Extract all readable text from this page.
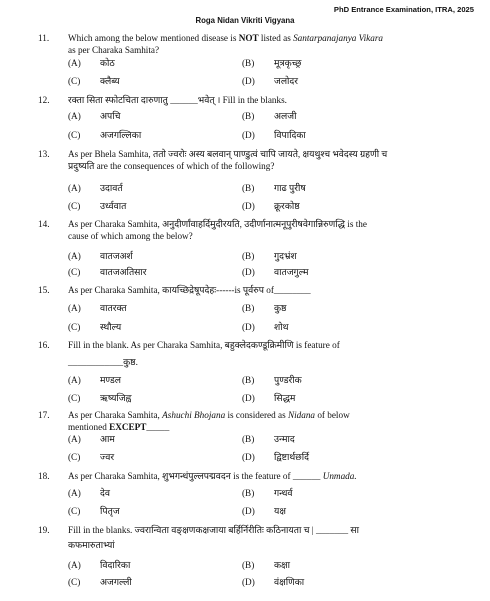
PhD Entrance Examination, ITRA, 2025
Roga Nidan Vikriti Vigyana
11. Which among the below mentioned disease is NOT listed as Santarpanajanya Vikara
as per Charaka Samhita?
(A) कोठ	(B) मूत्रकृच्छ्र
(C) क्लैब्य	(D) जलोदर
12. रक्ता सिता स्फोटचिता दारुणातु ______भवेत् । Fill in the blanks.
(A) अपचि	(B) अलजी
(C) अजगल्लिका	(D) विपादिका
13. As per Bhela Samhita, ततो ज्वरोः अस्य बलवान् पाण्डुत्वं चापि जायते, क्षयथुश्च भवेदस्य ग्रहणी च
प्रदुष्यति are the consequences of which of the following?
(A) उदावर्त	(B) गाढ पुरीष
(C) उर्ध्ववात	(D) क्रूरकोष्ठ
14. As per Charaka Samhita, अनुदीर्णांवाहर्दिमुदीरयति, उदीर्णानात्मनूपुरीषवेगान्निरुणद्धि is the
cause of which among the below?
(A) वातजअर्श	(B) गुदभ्रंश
(C) वातजअतिसार	(D) वातजगुल्म
15. As per Charaka Samhita, कायच्छिद्रेषूपदेहः------is पूर्वरुप of________
(A) वातरक्त	(B) कुष्ठ
(C) स्थौल्य	(D) शोथ
16. Fill in the blank. As per Charaka Samhita, बहुक्लेदकण्डूक्रिमीणि is feature of
____________कुष्ठ.
(A) मण्डल	(B) पुण्डरीक
(C) ऋष्यजिह्व	(D) सिद्धम
17. As per Charaka Samhita, Ashuchi Bhojana is considered as Nidana of below
mentioned EXCEPT_____
(A) आम	(B) उन्माद
(C) ज्वर	(D) द्विष्टार्थछर्दि
18. As per Charaka Samhita, शुभगन्धंपुल्लपद्मवदन is the feature of ______ Unmada.
(A) देव	(B) गन्धर्व
(C) पितृज	(D) यक्ष
19. Fill in the blanks. ज्वरान्विता वङ्क्षणकक्षजाया बर्हिर्निरीतिः कठिनायता च | _______ सा
कफमारुताभ्यां
(A) विदारिका	(B) कक्षा
(C) अजगल्ली	(D) वंक्षणिका
